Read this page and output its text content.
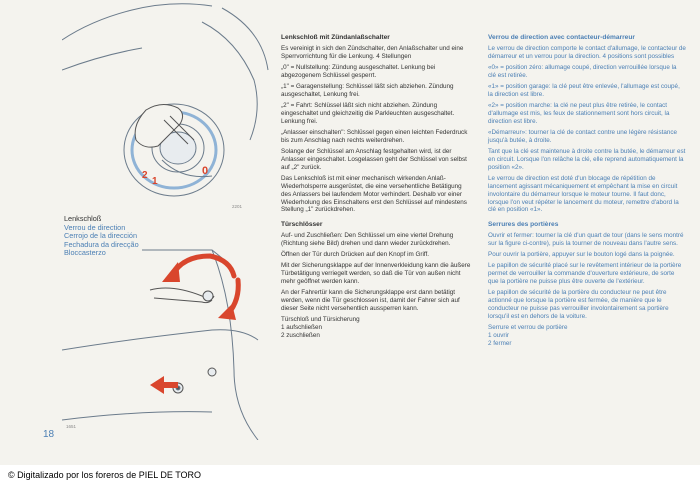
2
1
0
2201
1651
Lenkschloß
Verrou de direction
Cerrojo de la dirección
Fechadura da direcção
Bloccasterzo
18
Lenkschloß mit Zündanlaßschalter

Es vereinigt in sich den Zündschalter, den Anlaßschalter und eine Sperrvorrichtung für die Lenkung. 4 Stellungen

„0" = Nullstellung: Zündung ausgeschaltet. Lenkung bei abgezogenem Schlüssel gesperrt.

„1" = Garagenstellung: Schlüssel läßt sich abziehen. Zündung ausgeschaltet, Lenkung frei.

„2" = Fahrt: Schlüssel läßt sich nicht abziehen. Zündung eingeschaltet und gleichzeitig die Parkleuchten ausgeschaltet. Lenkung frei.

„Anlasser einschalten": Schlüssel gegen einen leichten Federdruck bis zum Anschlag nach rechts weiterdrehen.

Solange der Schlüssel am Anschlag festgehalten wird, ist der Anlasser eingeschaltet. Losgelassen geht der Schlüssel von selbst auf „2" zurück.

Das Lenkschloß ist mit einer mechanisch wirkenden Anlaß-Wiederholsperre ausgerüstet, die eine versehentliche Betätigung des Anlassers bei laufendem Motor verhindert. Deshalb vor einer Wiederholung des Einschaltens erst den Schlüssel auf mindestens Stellung „1" zurückdrehen.

Türschlösser

Auf- und Zuschließen: Den Schlüssel um eine viertel Drehung (Richtung siehe Bild) drehen und dann wieder zurückdrehen.

Öffnen der Tür durch Drücken auf den Knopf im Griff.

Mit der Sicherungsklappe auf der Innenverkleidung kann die äußere Türbetätigung verriegelt werden, so daß die Tür von außen nicht mehr geöffnet werden kann.

An der Fahrertür kann die Sicherungsklappe erst dann betätigt werden, wenn die Tür geschlossen ist, damit der Fahrer sich auf dieser Seite nicht versehentlich aussperren kann.

Türschloß und Türsicherung

1 aufschließen
2 zuschließen
Verrou de direction avec contacteur-démarreur

Le verrou de direction comporte le contact d'allumage, le contacteur de démarreur et un verrou pour la direction. 4 positions sont possibles

«0» = position zéro: allumage coupé, direction verrouillée lorsque la clé est retirée.

«1» = position garage: la clé peut être enlevée, l'allumage est coupé, la direction est libre.

«2» = position marche: la clé ne peut plus être retirée, le contact d'allumage est mis, les feux de stationnement sont hors circuit, la direction est libre.

«Démarreur»: tourner la clé de contact contre une légère résistance jusqu'à butée, à droite.

Tant que la clé est maintenue à droite contre la butée, le démarreur est en circuit. Lorsque l'on relâche la clé, elle reprend automatiquement la position «2».

Le verrou de direction est doté d'un blocage de répétition de lancement agissant mécaniquement et empêchant la mise en circuit involontaire du démarreur lorsque le moteur tourne. Il faut donc, lorsque l'on veut répéter le lancement du moteur, remettre d'abord la clé en position «1».

Serrures des portières

Ouvrir et fermer: tourner la clé d'un quart de tour (dans le sens montré sur la figure ci-contre), puis la tourner de nouveau dans l'autre sens.

Pour ouvrir la portière, appuyer sur le bouton logé dans la poignée.

Le papillon de sécurité placé sur le revêtement intérieur de la portière permet de verrouiller la commande d'ouverture extérieure, de sorte que la portière ne puisse plus être ouverte de l'extérieur.

Le papillon de sécurité de la portière du conducteur ne peut être actionné que lorsque la portière est fermée, de manière que le conducteur ne puisse pas verrouiller involontairement sa portière lorsqu'il est en dehors de la voiture.

Serrure et verrou de portière

1 ouvrir
2 fermer
© Digitalizado por los foreros de PIEL DE TORO
